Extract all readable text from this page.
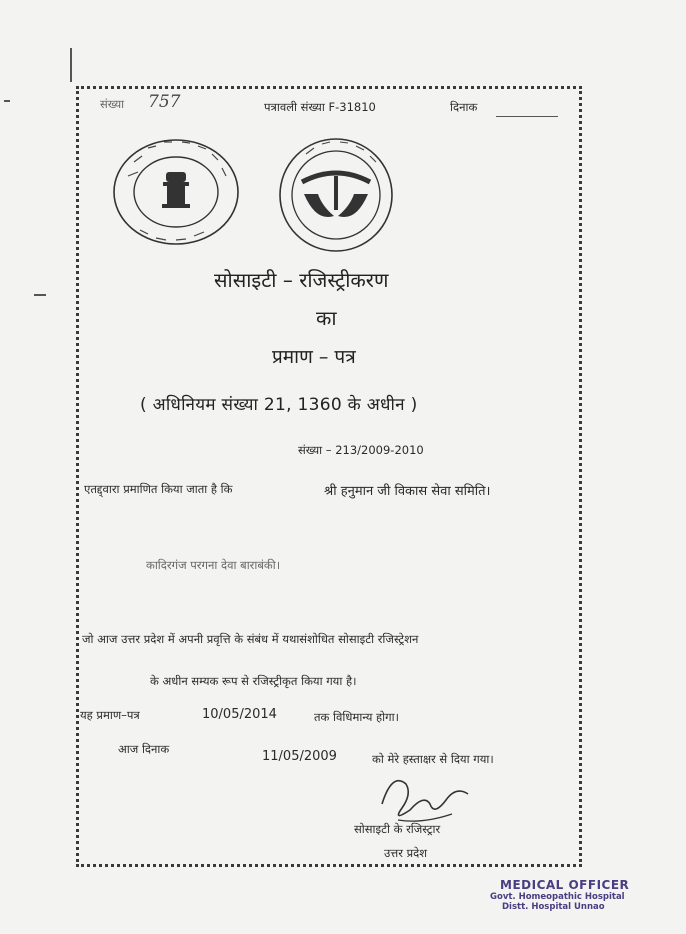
संख्या 757	पत्रावली संख्या F-31810	दिनाक
सोसाइटी – रजिस्ट्रीकरण
का
प्रमाण – पत्र
( अधिनियम संख्या 21, 1360 के अधीन )
संख्या – 213/2009-2010
एतद्द्वारा प्रमाणित किया जाता है कि	श्री हनुमान जी विकास सेवा समिति।
कादिरगंज परगना देवा बाराबंकी।
जो आज उत्तर प्रदेश में अपनी प्रवृत्ति के संबंध में यथासंशोधित सोसाइटी रजिस्ट्रेशन
के अधीन सम्यक रूप से रजिस्ट्रीकृत किया गया है।
यह प्रमाण–पत्र	10/05/2014	तक विधिमान्य होगा।
आज दिनाक	11/05/2009	को मेरे हस्ताक्षर से दिया गया।
सोसाइटी के रजिस्ट्रार
उत्तर प्रदेश
MEDICAL OFFICER
Govt. Homeopathic Hospital
Distt. Hospital Unnao
